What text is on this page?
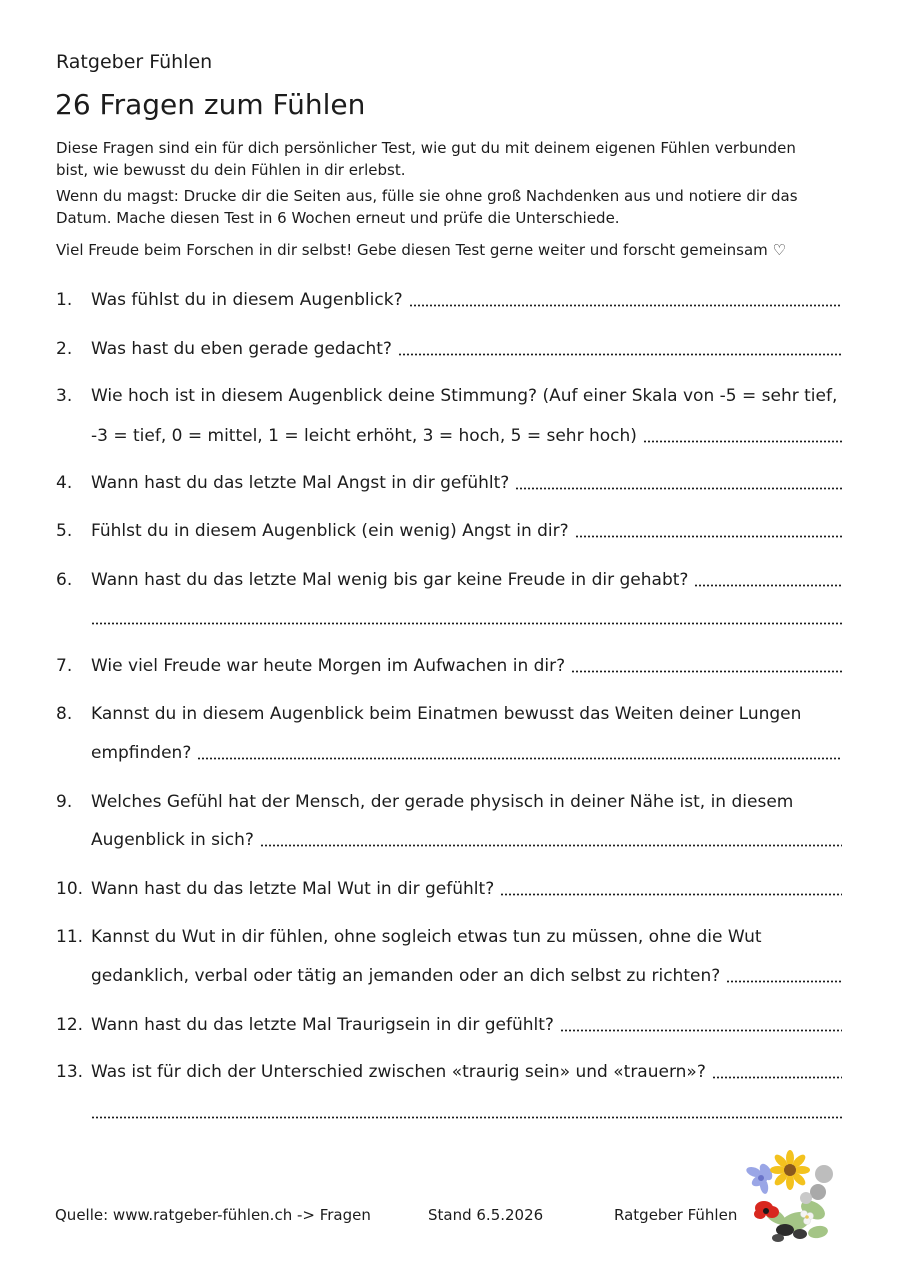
Ratgeber Fühlen
26 Fragen zum Fühlen
Diese Fragen sind ein für dich persönlicher Test, wie gut du mit deinem eigenen Fühlen verbunden
bist, wie bewusst du dein Fühlen in dir erlebst.
Wenn du magst: Drucke dir die Seiten aus, fülle sie ohne groß Nachdenken aus und notiere dir das
Datum. Mache diesen Test in 6 Wochen erneut und prüfe die Unterschiede.
Viel Freude beim Forschen in dir selbst! Gebe diesen Test gerne weiter und forscht gemeinsam ♡
1.	Was fühlst du in diesem Augenblick?
2.	Was hast du eben gerade gedacht?
3.	Wie hoch ist in diesem Augenblick deine Stimmung? (Auf einer Skala von -5 = sehr tief,
-3 = tief, 0 = mittel, 1 = leicht erhöht, 3 = hoch, 5 = sehr hoch)
4.	Wann hast du das letzte Mal Angst in dir gefühlt?
5.	Fühlst du in diesem Augenblick (ein wenig) Angst in dir?
6.	Wann hast du das letzte Mal wenig bis gar keine Freude in dir gehabt?
7.	Wie viel Freude war heute Morgen im Aufwachen in dir?
8.	Kannst du in diesem Augenblick beim Einatmen bewusst das Weiten deiner Lungen
empfinden?
9.	Welches Gefühl hat der Mensch, der gerade physisch in deiner Nähe ist, in diesem
Augenblick in sich?
10. Wann hast du das letzte Mal Wut in dir gefühlt?
11. Kannst du Wut in dir fühlen, ohne sogleich etwas tun zu müssen, ohne die Wut
gedanklich, verbal oder tätig an jemanden oder an dich selbst zu richten?
12. Wann hast du das letzte Mal Traurigsein in dir gefühlt?
13. Was ist für dich der Unterschied zwischen «traurig sein» und «trauern»?
Quelle: www.ratgeber-fühlen.ch -> Fragen	Stand 6.5.2026	Ratgeber Fühlen
